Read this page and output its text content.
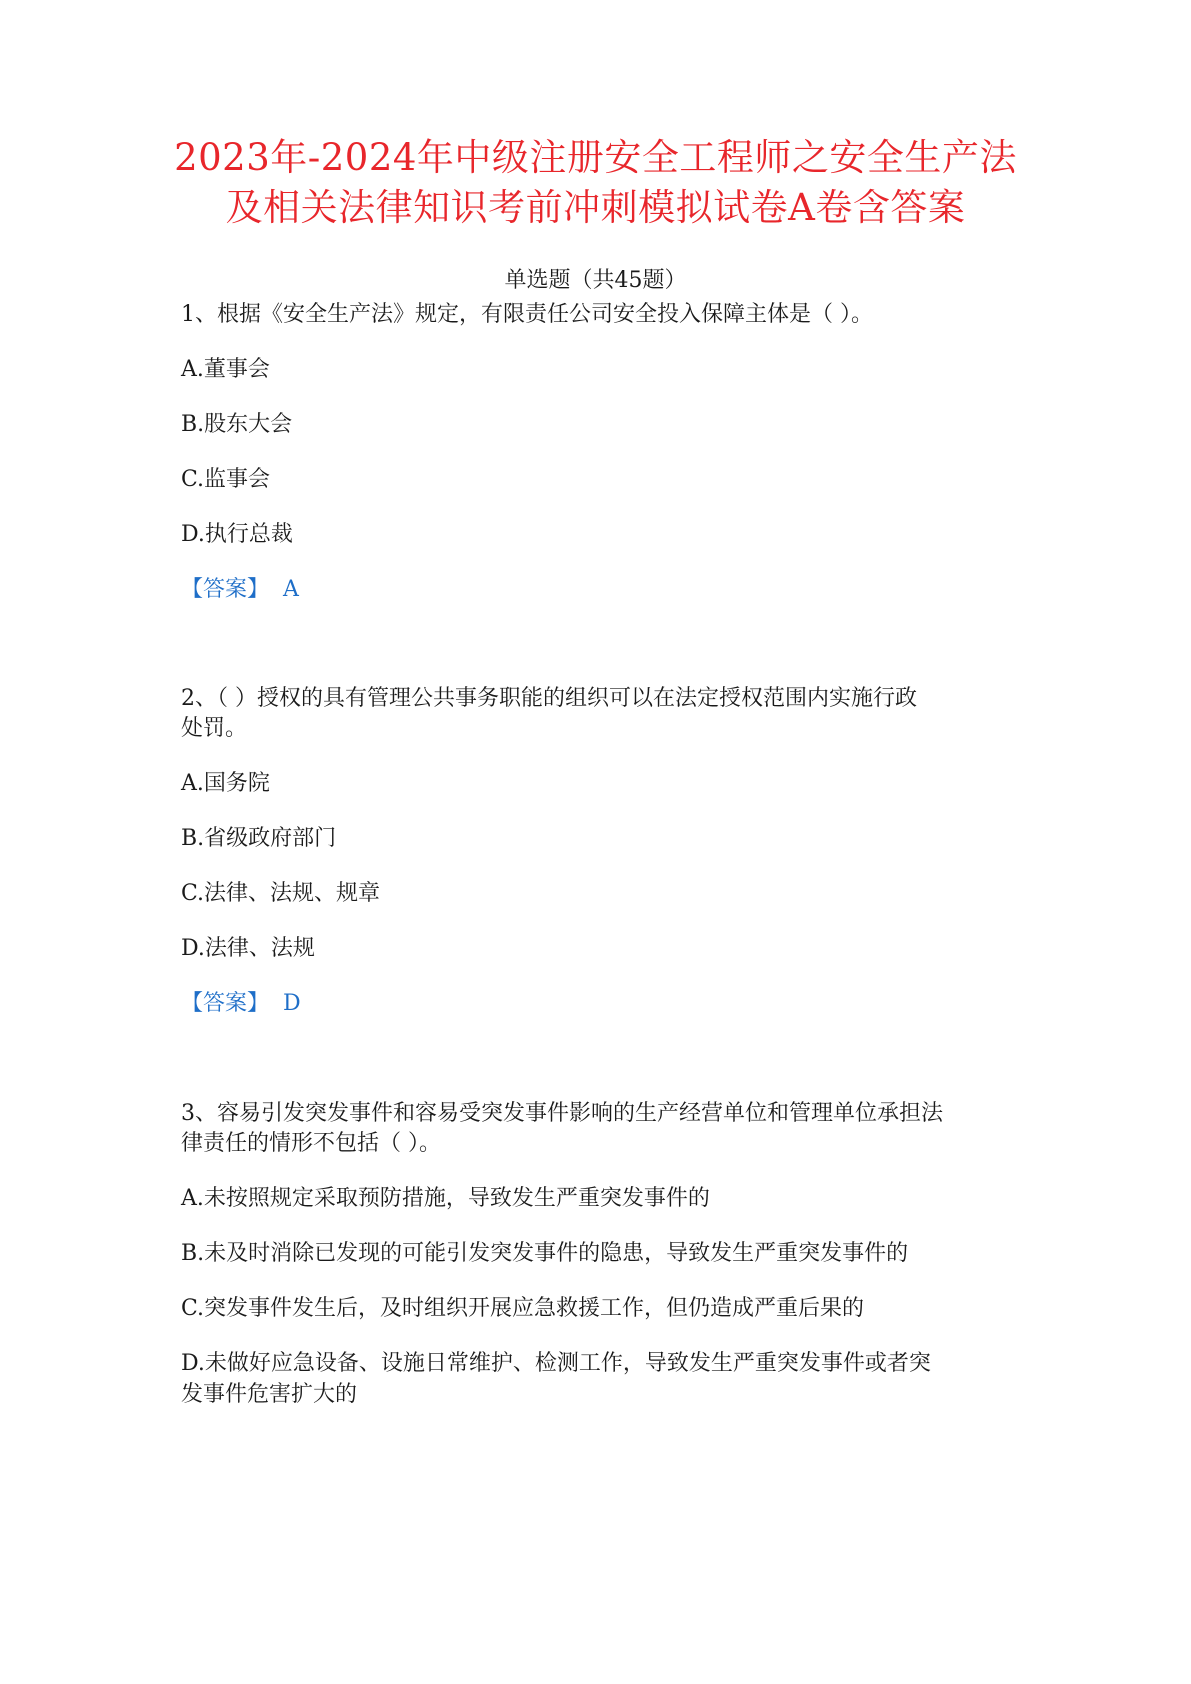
2023年-2024年中级注册安全工程师之安全生产法
及相关法律知识考前冲刺模拟试卷A卷含答案
单选题（共45题）
1、根据《安全生产法》规定，有限责任公司安全投入保障主体是（ ）。
A.董事会
B.股东大会
C.监事会
D.执行总裁
【答案】 A
2、（ ）授权的具有管理公共事务职能的组织可以在法定授权范围内实施行政
处罚。
A.国务院
B.省级政府部门
C.法律、法规、规章
D.法律、法规
【答案】 D
3、容易引发突发事件和容易受突发事件影响的生产经营单位和管理单位承担法
律责任的情形不包括（ ）。
A.未按照规定采取预防措施，导致发生严重突发事件的
B.未及时消除已发现的可能引发突发事件的隐患，导致发生严重突发事件的
C.突发事件发生后，及时组织开展应急救援工作，但仍造成严重后果的
D.未做好应急设备、设施日常维护、检测工作，导致发生严重突发事件或者突
发事件危害扩大的
